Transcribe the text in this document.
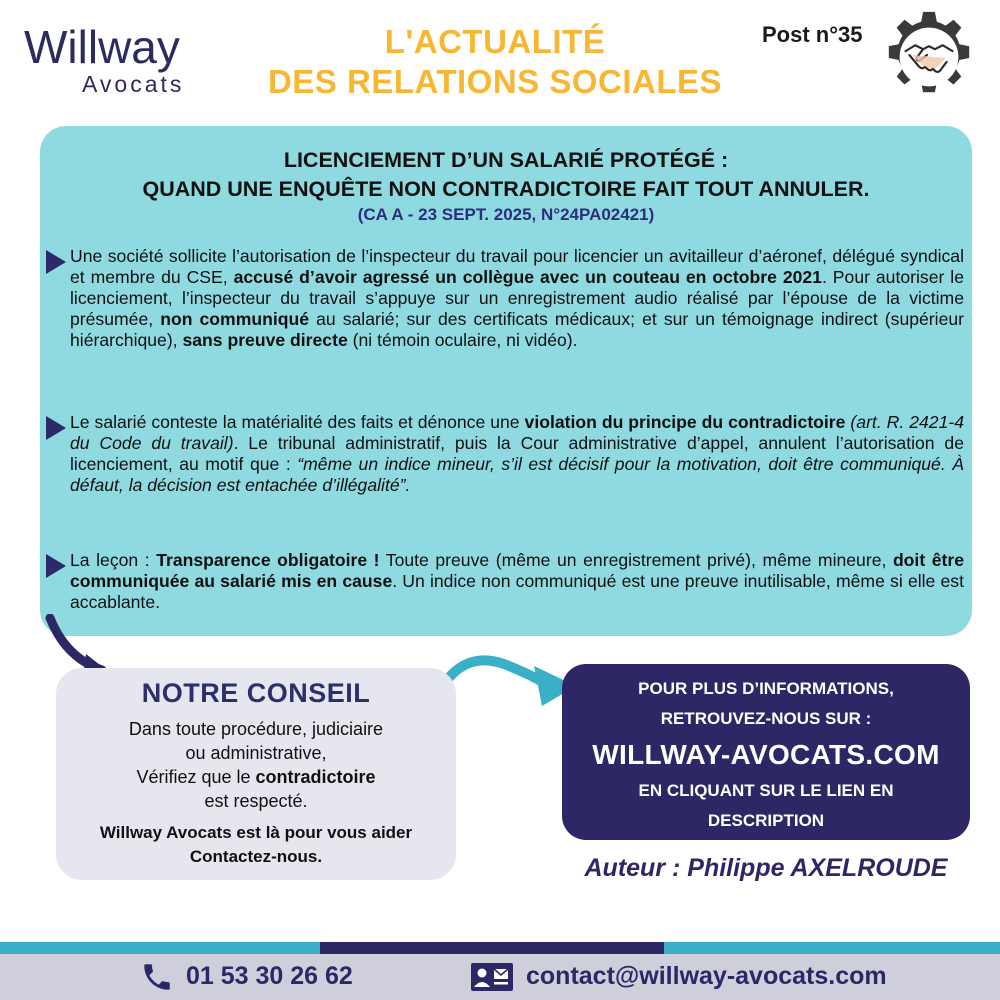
Willway
Avocats
L'ACTUALITÉ
DES RELATIONS SOCIALES
Post n°35
LICENCIEMENT D’UN SALARIÉ PROTÉGÉ :
QUAND UNE ENQUÊTE NON CONTRADICTOIRE FAIT TOUT ANNULER.
(CA A - 23 SEPT. 2025, N°24PA02421)

Une société sollicite l’autorisation de l’inspecteur du travail pour licencier un avitailleur d’aéronef, délégué syndical et membre du CSE, accusé d’avoir agressé un collègue avec un couteau en octobre 2021. Pour autoriser le licenciement, l’inspecteur du travail s’appuye sur un enregistrement audio réalisé par l’épouse de la victime présumée, non communiqué au salarié; sur des certificats médicaux; et sur un témoignage indirect (supérieur hiérarchique), sans preuve directe (ni témoin oculaire, ni vidéo).

Le salarié conteste la matérialité des faits et dénonce une violation du principe du contradictoire (art. R. 2421-4 du Code du travail). Le tribunal administratif, puis la Cour administrative d’appel, annulent l’autorisation de licenciement, au motif que : “même un indice mineur, s’il est décisif pour la motivation, doit être communiqué. À défaut, la décision est entachée d’illégalité”.

La leçon : Transparence obligatoire ! Toute preuve (même un enregistrement privé), même mineure, doit être communiquée au salarié mis en cause. Un indice non communiqué est une preuve inutilisable, même si elle est accablante.

NOTRE CONSEIL
Dans toute procédure, judiciaire
ou administrative,
Vérifiez que le contradictoire
est respecté.
Willway Avocats est là pour vous aider
Contactez-nous.
POUR PLUS D’INFORMATIONS,
RETROUVEZ-NOUS SUR :
WILLWAY-AVOCATS.COM
EN CLIQUANT SUR LE LIEN EN
DESCRIPTION
Auteur : Philippe AXELROUDE
01 53 30 26 62	contact@willway-avocats.com
